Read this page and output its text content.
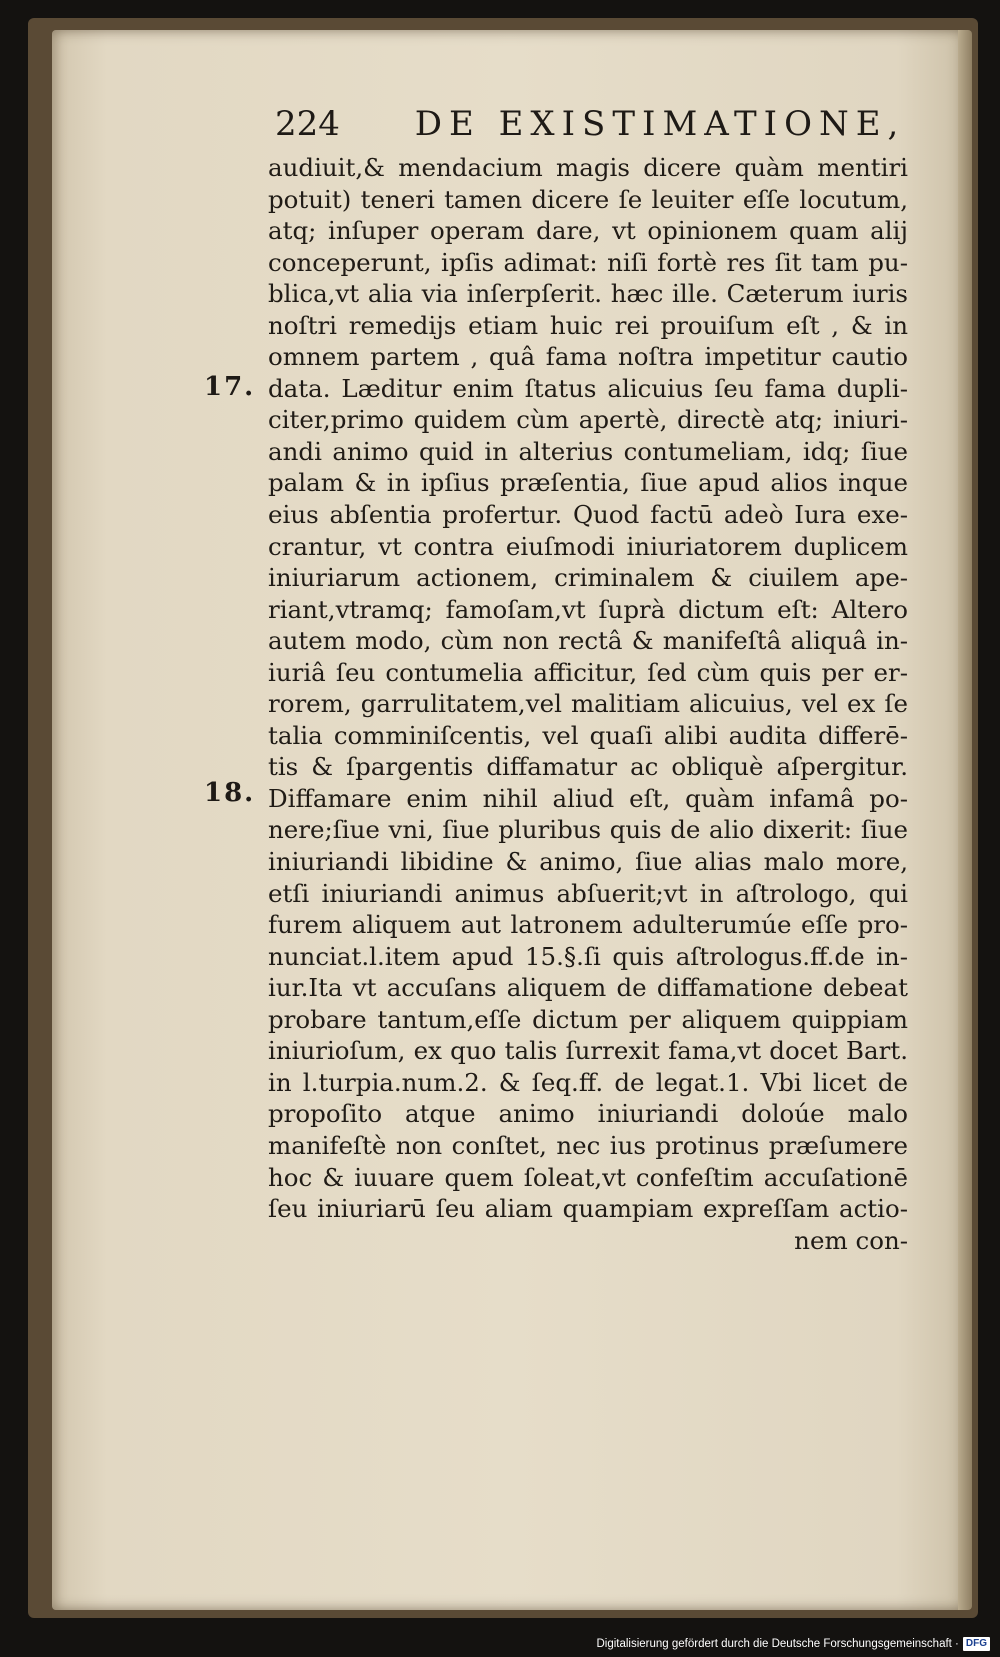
224 DE EXISTIMATIONE,
17.
18.
audiuit,& mendacium magis dicere quàm mentiri
potuit) teneri tamen dicere ſe leuiter eſſe locutum,
atq; inſuper operam dare, vt opinionem quam alij
conceperunt, ipſis adimat: niſi fortè res ſit tam pu-
blica,vt alia via inſerpſerit. hæc ille. Cæterum iuris
noſtri remedijs etiam huic rei prouiſum eſt , & in
omnem partem , quâ fama noſtra impetitur cautio
data. Læditur enim ſtatus alicuius ſeu fama dupli-
citer,primo quidem cùm apertè, directè atq; iniuri-
andi animo quid in alterius contumeliam, idq; ſiue
palam & in ipſius præſentia, ſiue apud alios inque
eius abſentia profertur. Quod factū adeò Iura exe-
crantur, vt contra eiuſmodi iniuriatorem duplicem
iniuriarum actionem, criminalem & ciuilem ape-
riant,vtramq; famoſam,vt ſuprà dictum eſt: Altero
autem modo, cùm non rectâ & manifeſtâ aliquâ in-
iuriâ ſeu contumelia afficitur, ſed cùm quis per er-
rorem, garrulitatem,vel malitiam alicuius, vel ex ſe
talia comminiſcentis, vel quaſi alibi audita differē-
tis & ſpargentis diffamatur ac obliquè aſpergitur.
Diffamare enim nihil aliud eſt, quàm infamâ po-
nere;ſiue vni, ſiue pluribus quis de alio dixerit: ſiue
iniuriandi libidine & animo, ſiue alias malo more,
etſi iniuriandi animus abſuerit;vt in aſtrologo, qui
furem aliquem aut latronem adulterumúe eſſe pro-
nunciat.l.item apud 15.§.ſi quis aſtrologus.ff.de in-
iur.Ita vt accuſans aliquem de diffamatione debeat
probare tantum,eſſe dictum per aliquem quippiam
iniurioſum, ex quo talis ſurrexit fama,vt docet Bart.
in l.turpia.num.2. & ſeq.ff. de legat.1. Vbi licet de
propoſito atque animo iniuriandi doloúe malo
manifeſtè non conſtet, nec ius protinus præſumere
hoc & iuuare quem ſoleat,vt confeſtim accuſationē
ſeu iniuriarū ſeu aliam quampiam expreſſam actio-
nem con-
Digitalisierung gefördert durch die Deutsche Forschungsgemeinschaft · DFG
